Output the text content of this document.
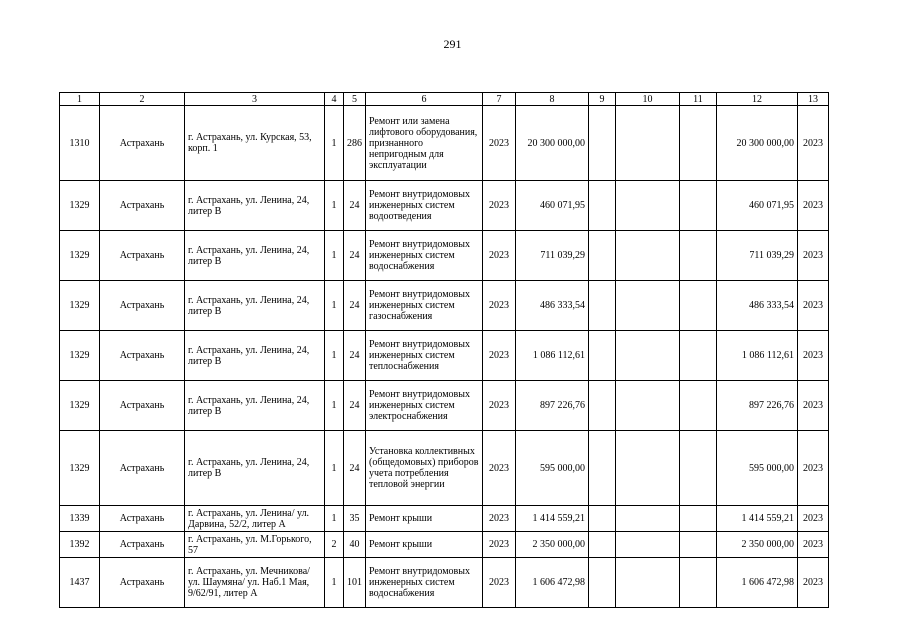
291
1	2	3	4	5	6	7	8	9	10	11	12	13
1310	Астрахань	г. Астрахань, ул. Курская, 53, корп. 1	1	286	Ремонт или замена лифтового оборудования, признанного непригодным для эксплуатации	2023	20 300 000,00				20 300 000,00	2023
1329	Астрахань	г. Астрахань, ул. Ленина, 24, литер В	1	24	Ремонт внутридомовых инженерных систем водоотведения	2023	460 071,95				460 071,95	2023
1329	Астрахань	г. Астрахань, ул. Ленина, 24, литер В	1	24	Ремонт внутридомовых инженерных систем водоснабжения	2023	711 039,29				711 039,29	2023
1329	Астрахань	г. Астрахань, ул. Ленина, 24, литер В	1	24	Ремонт внутридомовых инженерных систем газоснабжения	2023	486 333,54				486 333,54	2023
1329	Астрахань	г. Астрахань, ул. Ленина, 24, литер В	1	24	Ремонт внутридомовых инженерных систем теплоснабжения	2023	1 086 112,61				1 086 112,61	2023
1329	Астрахань	г. Астрахань, ул. Ленина, 24, литер В	1	24	Ремонт внутридомовых инженерных систем электроснабжения	2023	897 226,76				897 226,76	2023
1329	Астрахань	г. Астрахань, ул. Ленина, 24, литер В	1	24	Установка коллективных (общедомовых) приборов учета потребления тепловой энергии	2023	595 000,00				595 000,00	2023
1339	Астрахань	г. Астрахань, ул. Ленина/ ул. Дарвина, 52/2, литер А	1	35	Ремонт крыши	2023	1 414 559,21				1 414 559,21	2023
1392	Астрахань	г. Астрахань, ул. М.Горького, 57	2	40	Ремонт крыши	2023	2 350 000,00				2 350 000,00	2023
1437	Астрахань	г. Астрахань, ул. Мечникова/ ул. Шаумяна/ ул. Наб.1 Мая, 9/62/91, литер А	1	101	Ремонт внутридомовых инженерных систем водоснабжения	2023	1 606 472,98				1 606 472,98	2023
